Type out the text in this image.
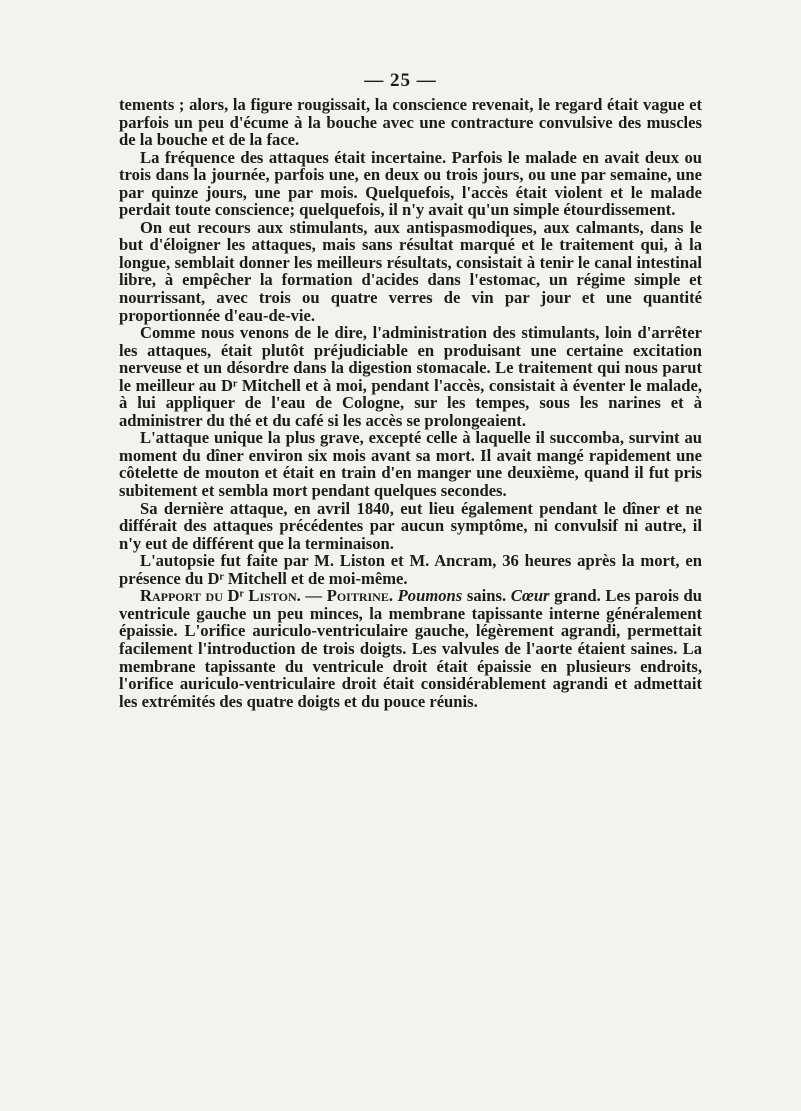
— 25 —

tements ; alors, la figure rougissait, la conscience revenait, le regard était vague et parfois un peu d'écume à la bouche avec une contracture convulsive des muscles de la bouche et de la face.

La fréquence des attaques était incertaine. Parfois le malade en avait deux ou trois dans la journée, parfois une, en deux ou trois jours, ou une par semaine, une par quinze jours, une par mois. Quelquefois, l'accès était violent et le malade perdait toute conscience; quelquefois, il n'y avait qu'un simple étourdissement.

On eut recours aux stimulants, aux antispasmodiques, aux calmants, dans le but d'éloigner les attaques, mais sans résultat marqué et le traitement qui, à la longue, semblait donner les meilleurs résultats, consistait à tenir le canal intestinal libre, à empêcher la formation d'acides dans l'estomac, un régime simple et nourrissant, avec trois ou quatre verres de vin par jour et une quantité proportionnée d'eau-de-vie.

Comme nous venons de le dire, l'administration des stimulants, loin d'arrêter les attaques, était plutôt préjudiciable en produisant une certaine excitation nerveuse et un désordre dans la digestion stomacale. Le traitement qui nous parut le meilleur au Dʳ Mitchell et à moi, pendant l'accès, consistait à éventer le malade, à lui appliquer de l'eau de Cologne, sur les tempes, sous les narines et à administrer du thé et du café si les accès se prolongeaient.

L'attaque unique la plus grave, excepté celle à laquelle il succomba, survint au moment du dîner environ six mois avant sa mort. Il avait mangé rapidement une côtelette de mouton et était en train d'en manger une deuxième, quand il fut pris subitement et sembla mort pendant quelques secondes.

Sa dernière attaque, en avril 1840, eut lieu également pendant le dîner et ne différait des attaques précédentes par aucun symptôme, ni convulsif ni autre, il n'y eut de différent que la terminaison.

L'autopsie fut faite par M. Liston et M. Ancram, 36 heures après la mort, en présence du Dʳ Mitchell et de moi-même.

Rapport du Dʳ Liston. — Poitrine. Poumons sains. Cœur grand. Les parois du ventricule gauche un peu minces, la membrane tapissante interne généralement épaissie. L'orifice auriculo-ventriculaire gauche, légèrement agrandi, permettait facilement l'introduction de trois doigts. Les valvules de l'aorte étaient saines. La membrane tapissante du ventricule droit était épaissie en plusieurs endroits, l'orifice auriculo-ventriculaire droit était considérablement agrandi et admettait les extrémités des quatre doigts et du pouce réunis.
